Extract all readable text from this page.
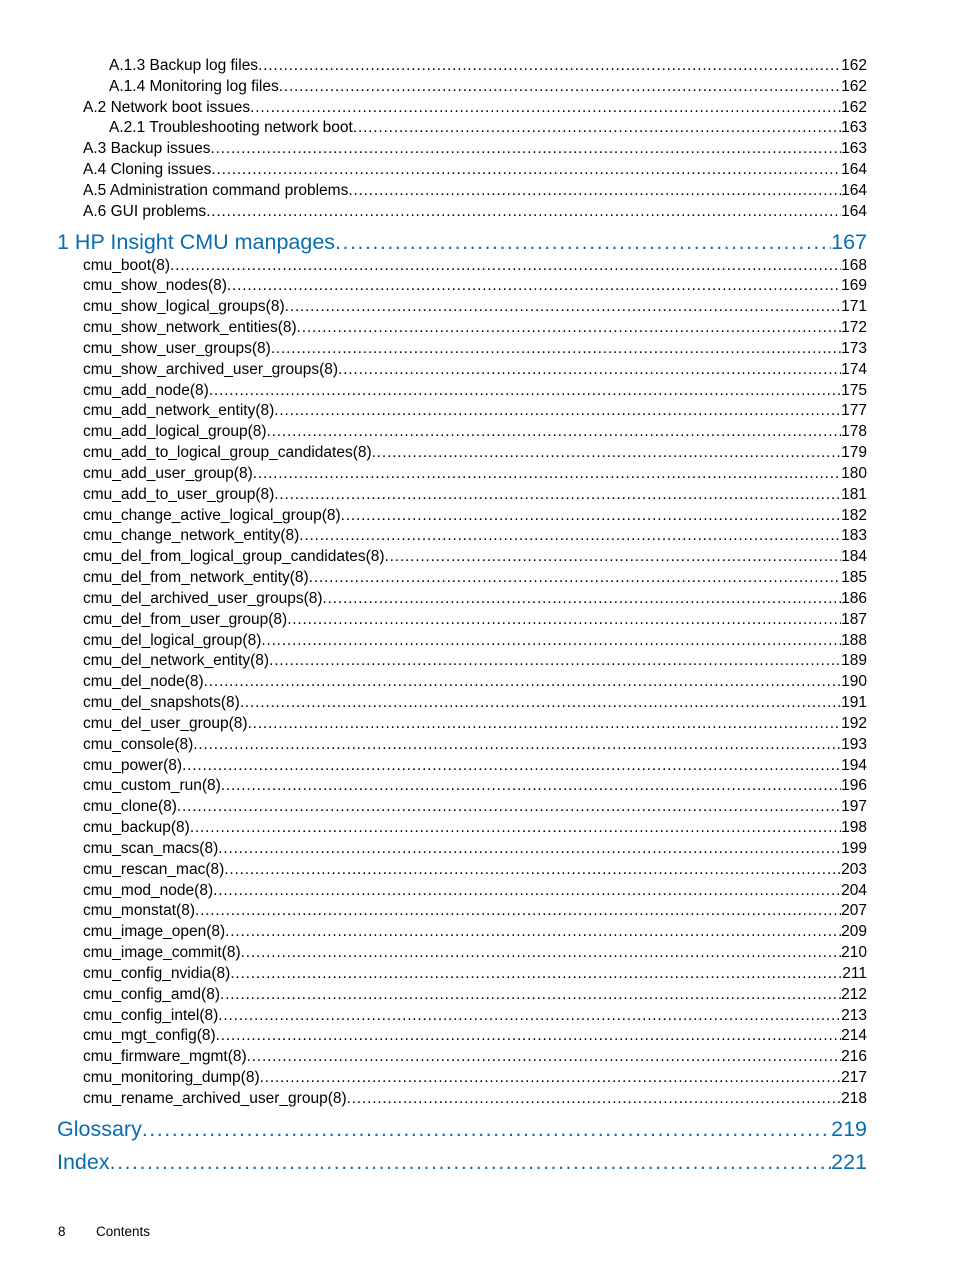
A.1.3 Backup log files .....	162
A.1.4 Monitoring log files .....	162
A.2 Network boot issues .....	162
A.2.1 Troubleshooting network boot .....	163
A.3 Backup issues .....	163
A.4 Cloning issues .....	164
A.5 Administration command problems .....	164
A.6 GUI problems .....	164
1 HP Insight CMU manpages .....	167
cmu_boot(8) .....	168
cmu_show_nodes(8) .....	169
cmu_show_logical_groups(8) .....	171
cmu_show_network_entities(8) .....	172
cmu_show_user_groups(8) .....	173
cmu_show_archived_user_groups(8) .....	174
cmu_add_node(8) .....	175
cmu_add_network_entity(8) .....	177
cmu_add_logical_group(8) .....	178
cmu_add_to_logical_group_candidates(8) .....	179
cmu_add_user_group(8) .....	180
cmu_add_to_user_group(8) .....	181
cmu_change_active_logical_group(8) .....	182
cmu_change_network_entity(8) .....	183
cmu_del_from_logical_group_candidates(8) .....	184
cmu_del_from_network_entity(8) .....	185
cmu_del_archived_user_groups(8) .....	186
cmu_del_from_user_group(8) .....	187
cmu_del_logical_group(8) .....	188
cmu_del_network_entity(8) .....	189
cmu_del_node(8) .....	190
cmu_del_snapshots(8) .....	191
cmu_del_user_group(8) .....	192
cmu_console(8) .....	193
cmu_power(8) .....	194
cmu_custom_run(8) .....	196
cmu_clone(8) .....	197
cmu_backup(8) .....	198
cmu_scan_macs(8) .....	199
cmu_rescan_mac(8) .....	203
cmu_mod_node(8) .....	204
cmu_monstat(8) .....	207
cmu_image_open(8) .....	209
cmu_image_commit(8) .....	210
cmu_config_nvidia(8) .....	211
cmu_config_amd(8) .....	212
cmu_config_intel(8) .....	213
cmu_mgt_config(8) .....	214
cmu_firmware_mgmt(8) .....	216
cmu_monitoring_dump(8) .....	217
cmu_rename_archived_user_group(8) .....	218
Glossary .....	219
Index .....	221
8	Contents
